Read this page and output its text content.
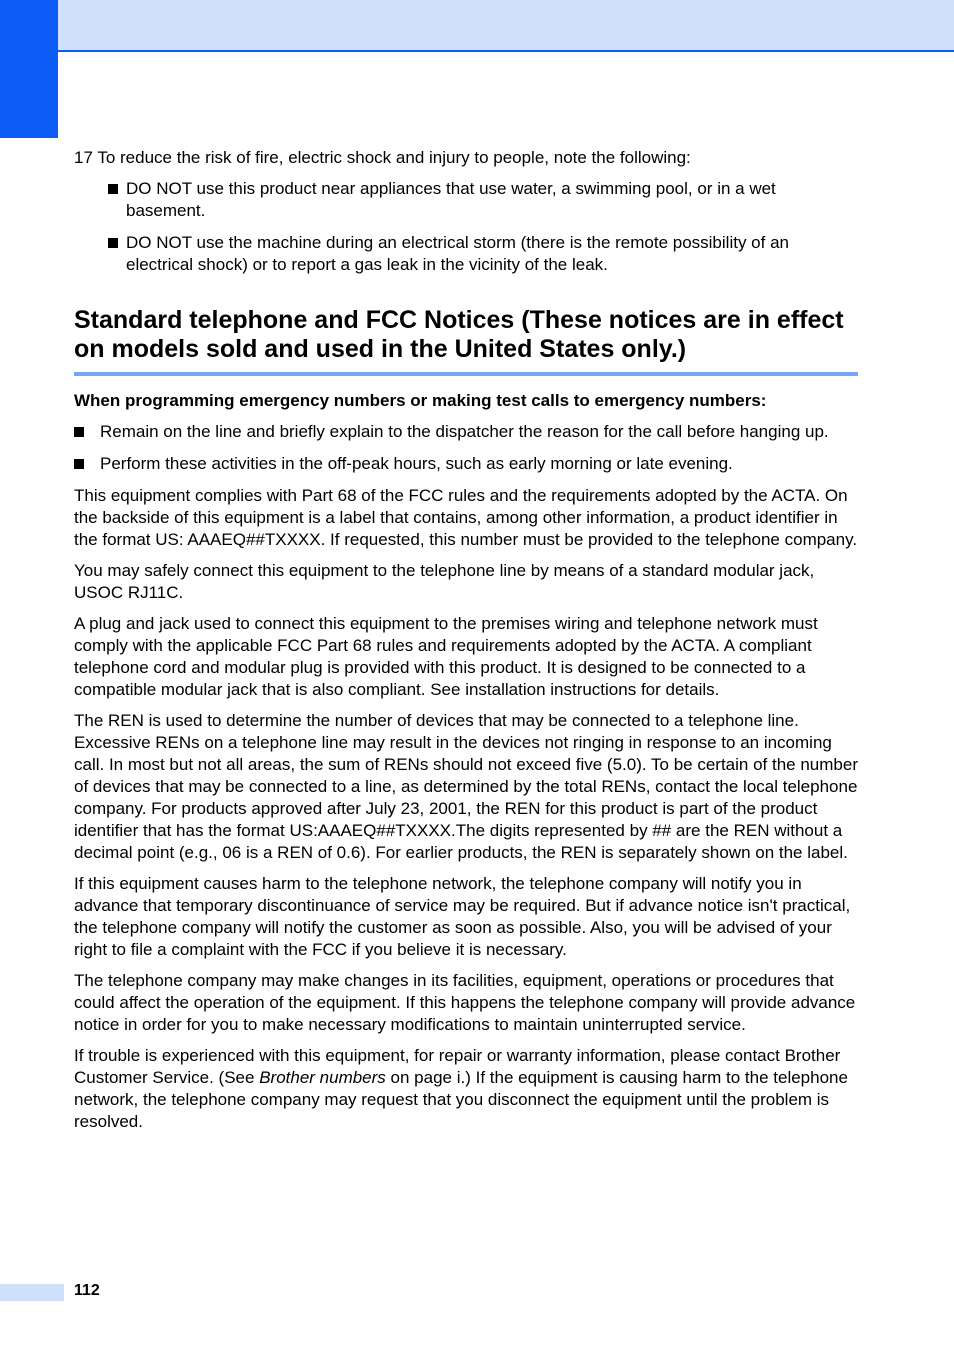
17 To reduce the risk of fire, electric shock and injury to people, note the following:

DO NOT use this product near appliances that use water, a swimming pool, or in a wet basement.
DO NOT use the machine during an electrical storm (there is the remote possibility of an electrical shock) or to report a gas leak in the vicinity of the leak.
Standard telephone and FCC Notices (These notices are in effect on models sold and used in the United States only.)

When programming emergency numbers or making test calls to emergency numbers:

Remain on the line and briefly explain to the dispatcher the reason for the call before hanging up.
Perform these activities in the off-peak hours, such as early morning or late evening.

This equipment complies with Part 68 of the FCC rules and the requirements adopted by the ACTA. On the backside of this equipment is a label that contains, among other information, a product identifier in the format US: AAAEQ##TXXXX. If requested, this number must be provided to the telephone company.

You may safely connect this equipment to the telephone line by means of a standard modular jack, USOC RJ11C.

A plug and jack used to connect this equipment to the premises wiring and telephone network must comply with the applicable FCC Part 68 rules and requirements adopted by the ACTA. A compliant telephone cord and modular plug is provided with this product. It is designed to be connected to a compatible modular jack that is also compliant. See installation instructions for details.

The REN is used to determine the number of devices that may be connected to a telephone line. Excessive RENs on a telephone line may result in the devices not ringing in response to an incoming call. In most but not all areas, the sum of RENs should not exceed five (5.0). To be certain of the number of devices that may be connected to a line, as determined by the total RENs, contact the local telephone company. For products approved after July 23, 2001, the REN for this product is part of the product identifier that has the format US:AAAEQ##TXXXX.The digits represented by ## are the REN without a decimal point (e.g., 06 is a REN of 0.6). For earlier products, the REN is separately shown on the label.

If this equipment causes harm to the telephone network, the telephone company will notify you in advance that temporary discontinuance of service may be required. But if advance notice isn't practical, the telephone company will notify the customer as soon as possible. Also, you will be advised of your right to file a complaint with the FCC if you believe it is necessary.

The telephone company may make changes in its facilities, equipment, operations or procedures that could affect the operation of the equipment. If this happens the telephone company will provide advance notice in order for you to make necessary modifications to maintain uninterrupted service.

If trouble is experienced with this equipment, for repair or warranty information, please contact Brother Customer Service. (See Brother numbers on page i.) If the equipment is causing harm to the telephone network, the telephone company may request that you disconnect the equipment until the problem is resolved.

112
